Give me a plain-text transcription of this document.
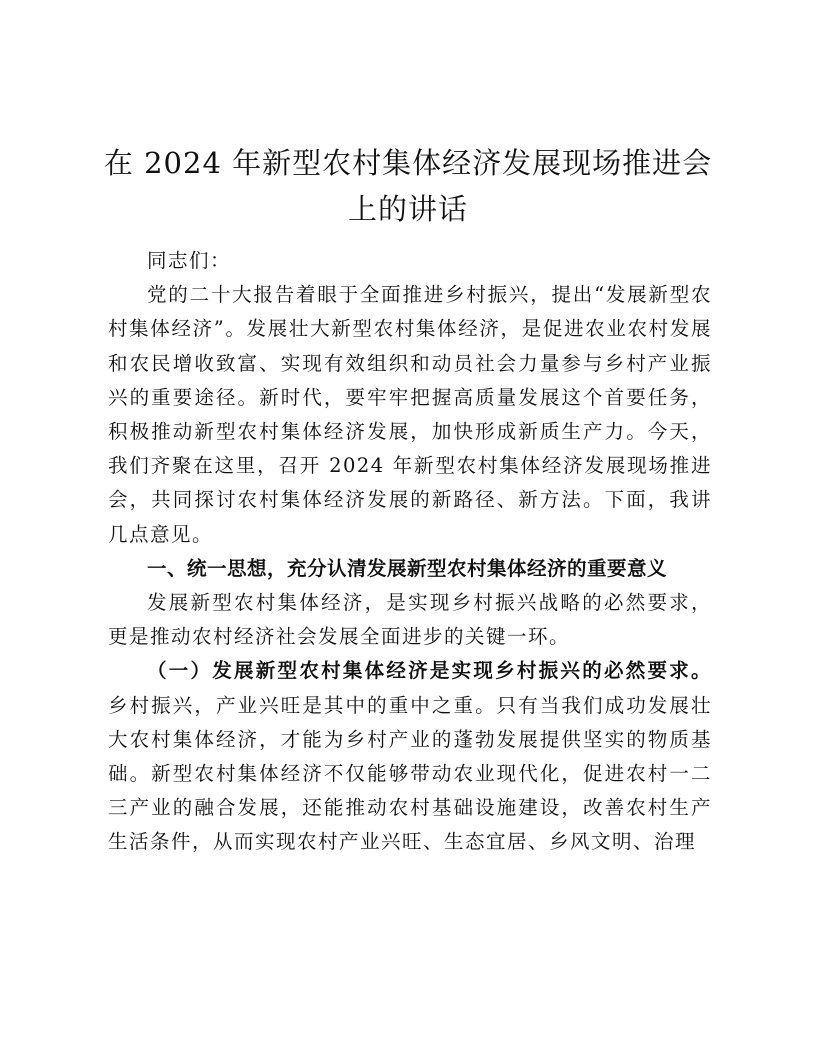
在 2024 年新型农村集体经济发展现场推进会上的讲话

同志们：

党的二十大报告着眼于全面推进乡村振兴，提出“发展新型农村集体经济”。发展壮大新型农村集体经济，是促进农业农村发展和农民增收致富、实现有效组织和动员社会力量参与乡村产业振兴的重要途径。新时代，要牢牢把握高质量发展这个首要任务，积极推动新型农村集体经济发展，加快形成新质生产力。今天，我们齐聚在这里，召开 2024 年新型农村集体经济发展现场推进会，共同探讨农村集体经济发展的新路径、新方法。下面，我讲几点意见。

一、统一思想，充分认清发展新型农村集体经济的重要意义

发展新型农村集体经济，是实现乡村振兴战略的必然要求，更是推动农村经济社会发展全面进步的关键一环。

（一）发展新型农村集体经济是实现乡村振兴的必然要求。乡村振兴，产业兴旺是其中的重中之重。只有当我们成功发展壮大农村集体经济，才能为乡村产业的蓬勃发展提供坚实的物质基础。新型农村集体经济不仅能够带动农业现代化，促进农村一二三产业的融合发展，还能推动农村基础设施建设，改善农村生产生活条件，从而实现农村产业兴旺、生态宜居、乡风文明、治理
